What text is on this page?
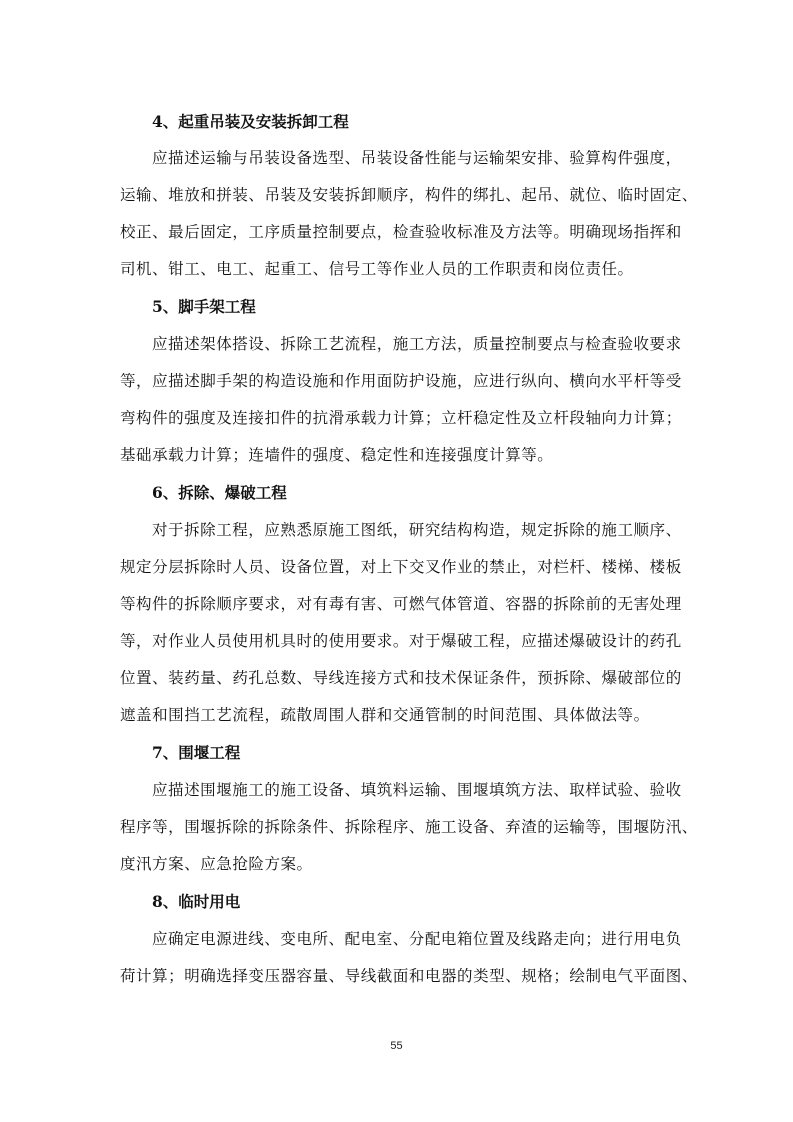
4、起重吊装及安装拆卸工程
应描述运输与吊装设备选型、吊装设备性能与运输架安排、验算构件强度，
运输、堆放和拼装、吊装及安装拆卸顺序，构件的绑扎、起吊、就位、临时固定、
校正、最后固定，工序质量控制要点，检查验收标准及方法等。明确现场指挥和
司机、钳工、电工、起重工、信号工等作业人员的工作职责和岗位责任。
5、脚手架工程
应描述架体搭设、拆除工艺流程，施工方法，质量控制要点与检查验收要求
等，应描述脚手架的构造设施和作用面防护设施，应进行纵向、横向水平杆等受
弯构件的强度及连接扣件的抗滑承载力计算；立杆稳定性及立杆段轴向力计算；
基础承载力计算；连墙件的强度、稳定性和连接强度计算等。
6、拆除、爆破工程
对于拆除工程，应熟悉原施工图纸，研究结构构造，规定拆除的施工顺序、
规定分层拆除时人员、设备位置，对上下交叉作业的禁止，对栏杆、楼梯、楼板
等构件的拆除顺序要求，对有毒有害、可燃气体管道、容器的拆除前的无害处理
等，对作业人员使用机具时的使用要求。对于爆破工程，应描述爆破设计的药孔
位置、装药量、药孔总数、导线连接方式和技术保证条件，预拆除、爆破部位的
遮盖和围挡工艺流程，疏散周围人群和交通管制的时间范围、具体做法等。
7、围堰工程
应描述围堰施工的施工设备、填筑料运输、围堰填筑方法、取样试验、验收
程序等，围堰拆除的拆除条件、拆除程序、施工设备、弃渣的运输等，围堰防汛、
度汛方案、应急抢险方案。
8、临时用电
应确定电源进线、变电所、配电室、分配电箱位置及线路走向；进行用电负
荷计算；明确选择变压器容量、导线截面和电器的类型、规格；绘制电气平面图、
55
